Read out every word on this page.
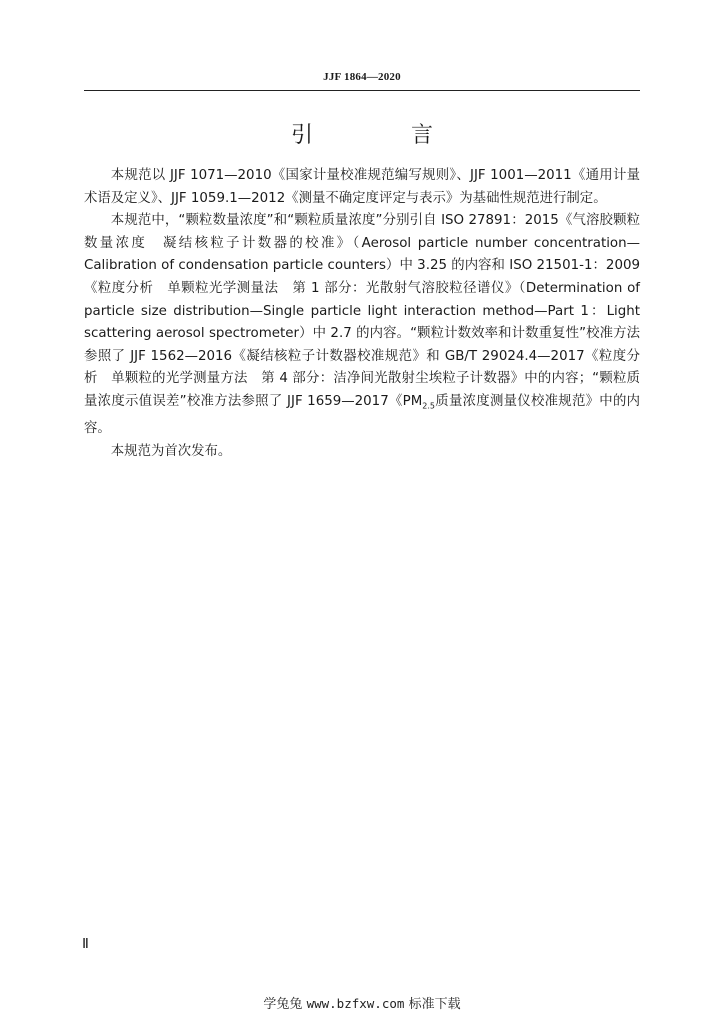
JJF 1864—2020
引　言

本规范以 JJF 1071—2010《国家计量校准规范编写规则》、JJF 1001—2011《通用计量术语及定义》、JJF 1059.1—2012《测量不确定度评定与表示》为基础性规范进行制定。

本规范中，“颗粒数量浓度”和“颗粒质量浓度”分别引自 ISO 27891：2015《气溶胶颗粒数量浓度　凝结核粒子计数器的校准》（Aerosol particle number concentration—Calibration of condensation particle counters）中 3.25 的内容和 ISO 21501-1：2009《粒度分析　单颗粒光学测量法　第 1 部分：光散射气溶胶粒径谱仪》（Determination of particle size distribution—Single particle light interaction method—Part 1：Light scattering aerosol spectrometer）中 2.7 的内容。“颗粒计数效率和计数重复性”校准方法参照了 JJF 1562—2016《凝结核粒子计数器校准规范》和 GB/T 29024.4—2017《粒度分析　单颗粒的光学测量方法　第 4 部分：洁净间光散射尘埃粒子计数器》中的内容；“颗粒质量浓度示值误差”校准方法参照了 JJF 1659—2017《$PM_{2.5}$质量浓度测量仪校准规范》中的内容。

本规范为首次发布。

Ⅱ
学兔兔 www.bzfxw.com 标准下载
